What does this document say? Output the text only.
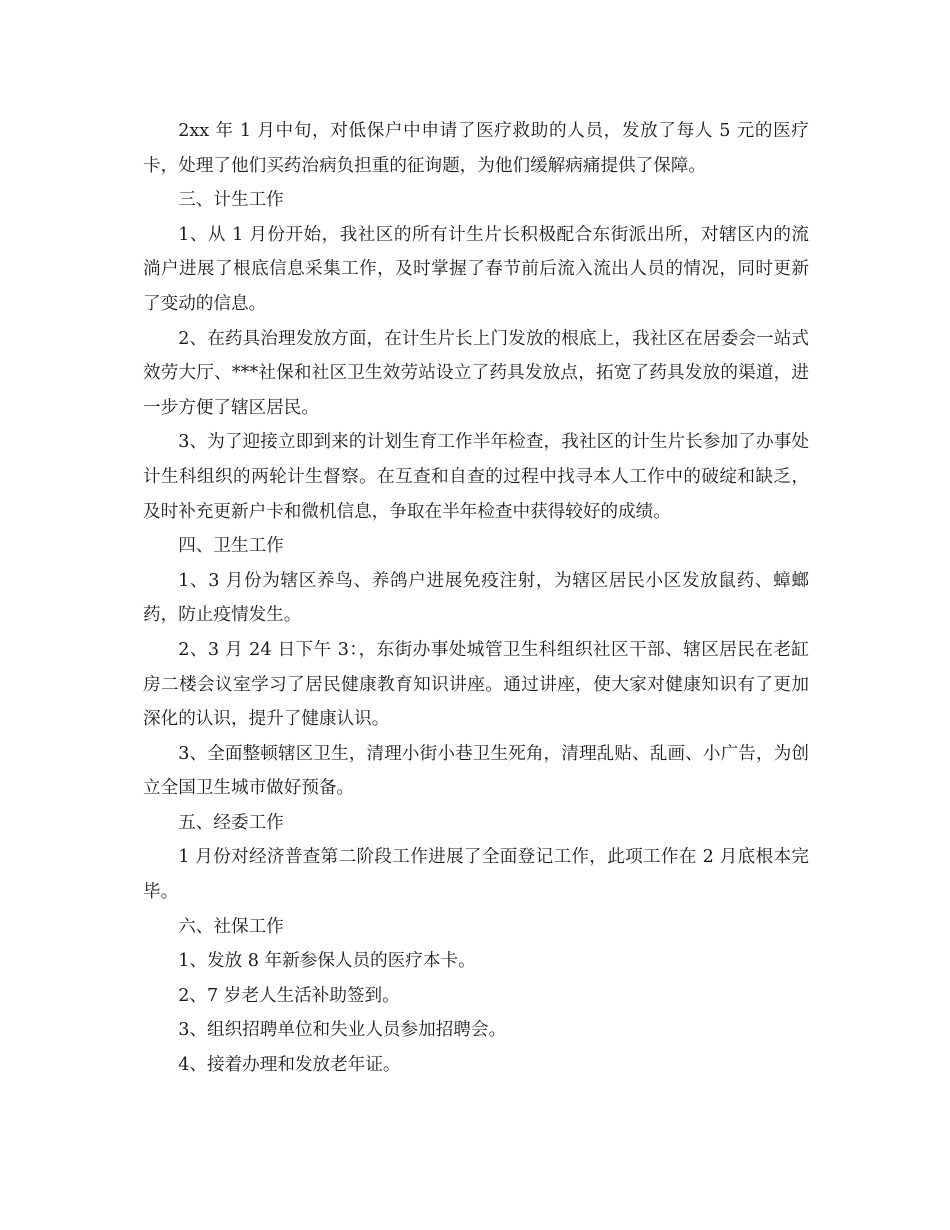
2xx 年 1 月中旬，对低保户中申请了医疗救助的人员，发放了每人 5 元的医疗卡，处理了他们买药治病负担重的征询题，为他们缓解病痛提供了保障。

三、计生工作

1、从 1 月份开始，我社区的所有计生片长积极配合东街派出所，对辖区内的流淌户进展了根底信息采集工作，及时掌握了春节前后流入流出人员的情况，同时更新了变动的信息。

2、在药具治理发放方面，在计生片长上门发放的根底上，我社区在居委会一站式效劳大厅、***社保和社区卫生效劳站设立了药具发放点，拓宽了药具发放的渠道，进一步方便了辖区居民。

3、为了迎接立即到来的计划生育工作半年检查，我社区的计生片长参加了办事处计生科组织的两轮计生督察。在互查和自查的过程中找寻本人工作中的破绽和缺乏，及时补充更新户卡和微机信息，争取在半年检查中获得较好的成绩。

四、卫生工作

1、3 月份为辖区养鸟、养鸽户进展免疫注射，为辖区居民小区发放鼠药、蟑螂药，防止疫情发生。

2、3 月 24 日下午 3：，东街办事处城管卫生科组织社区干部、辖区居民在老缸房二楼会议室学习了居民健康教育知识讲座。通过讲座，使大家对健康知识有了更加深化的认识，提升了健康认识。

3、全面整顿辖区卫生，清理小街小巷卫生死角，清理乱贴、乱画、小广告，为创立全国卫生城市做好预备。

五、经委工作

1 月份对经济普查第二阶段工作进展了全面登记工作，此项工作在 2 月底根本完毕。

六、社保工作

1、发放 8 年新参保人员的医疗本卡。

2、7 岁老人生活补助签到。

3、组织招聘单位和失业人员参加招聘会。

4、接着办理和发放老年证。
